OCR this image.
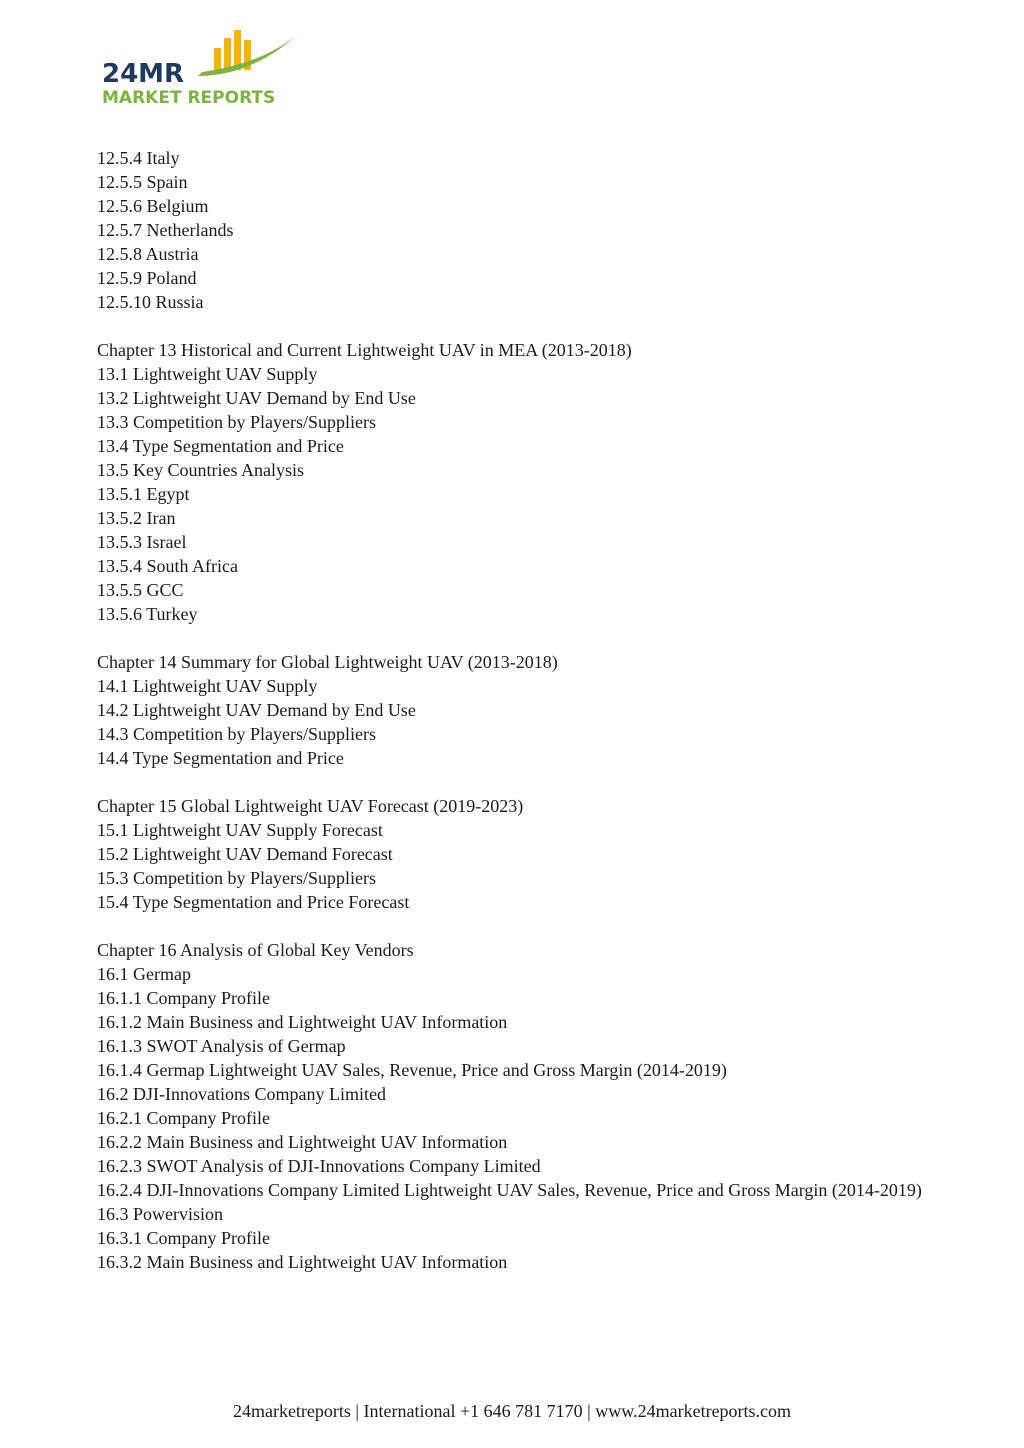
24MR
MARKET REPORTS
12.5.4 Italy
12.5.5 Spain
12.5.6 Belgium
12.5.7 Netherlands
12.5.8 Austria
12.5.9 Poland
12.5.10 Russia
Chapter 13 Historical and Current Lightweight UAV in MEA (2013-2018)
13.1 Lightweight UAV Supply
13.2 Lightweight UAV Demand by End Use
13.3 Competition by Players/Suppliers
13.4 Type Segmentation and Price
13.5 Key Countries Analysis
13.5.1 Egypt
13.5.2 Iran
13.5.3 Israel
13.5.4 South Africa
13.5.5 GCC
13.5.6 Turkey
Chapter 14 Summary for Global Lightweight UAV (2013-2018)
14.1 Lightweight UAV Supply
14.2 Lightweight UAV Demand by End Use
14.3 Competition by Players/Suppliers
14.4 Type Segmentation and Price
Chapter 15 Global Lightweight UAV Forecast (2019-2023)
15.1 Lightweight UAV Supply Forecast
15.2 Lightweight UAV Demand Forecast
15.3 Competition by Players/Suppliers
15.4 Type Segmentation and Price Forecast
Chapter 16 Analysis of Global Key Vendors
16.1 Germap
16.1.1 Company Profile
16.1.2 Main Business and Lightweight UAV Information
16.1.3 SWOT Analysis of Germap
16.1.4 Germap Lightweight UAV Sales, Revenue, Price and Gross Margin (2014-2019)
16.2 DJI-Innovations Company Limited
16.2.1 Company Profile
16.2.2 Main Business and Lightweight UAV Information
16.2.3 SWOT Analysis of DJI-Innovations Company Limited
16.2.4 DJI-Innovations Company Limited Lightweight UAV Sales, Revenue, Price and Gross Margin (2014-2019)
16.3 Powervision
16.3.1 Company Profile
16.3.2 Main Business and Lightweight UAV Information
24marketreports | International +1 646 781 7170 | www.24marketreports.com
